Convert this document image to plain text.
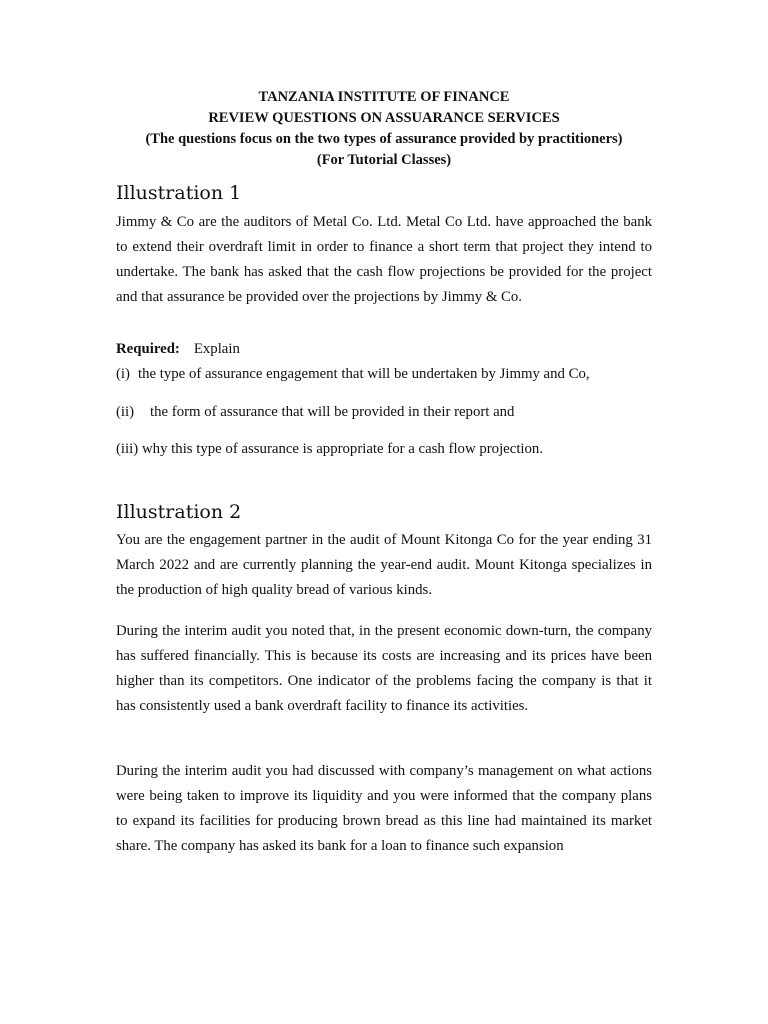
TANZANIA INSTITUTE OF FINANCE
REVIEW QUESTIONS ON ASSUARANCE SERVICES
(The questions focus on the two types of assurance provided by practitioners)
(For Tutorial Classes)
Illustration 1

Jimmy & Co are the auditors of Metal Co. Ltd. Metal Co Ltd. have approached the bank to extend their overdraft limit in order to finance a short term that project they intend to undertake. The bank has asked that the cash flow projections be provided for the project and that assurance be provided over the projections by Jimmy & Co.

Required: Explain

(i) the type of assurance engagement that will be undertaken by Jimmy and Co,

(ii) the form of assurance that will be provided in their report and

(iii) why this type of assurance is appropriate for a cash flow projection.

Illustration 2

You are the engagement partner in the audit of Mount Kitonga Co for the year ending 31 March 2022 and are currently planning the year-end audit. Mount Kitonga specializes in the production of high quality bread of various kinds.

During the interim audit you noted that, in the present economic down-turn, the company has suffered financially. This is because its costs are increasing and its prices have been higher than its competitors. One indicator of the problems facing the company is that it has consistently used a bank overdraft facility to finance its activities.

During the interim audit you had discussed with company’s management on what actions were being taken to improve its liquidity and you were informed that the company plans to expand its facilities for producing brown bread as this line had maintained its market share. The company has asked its bank for a loan to finance such expansion
